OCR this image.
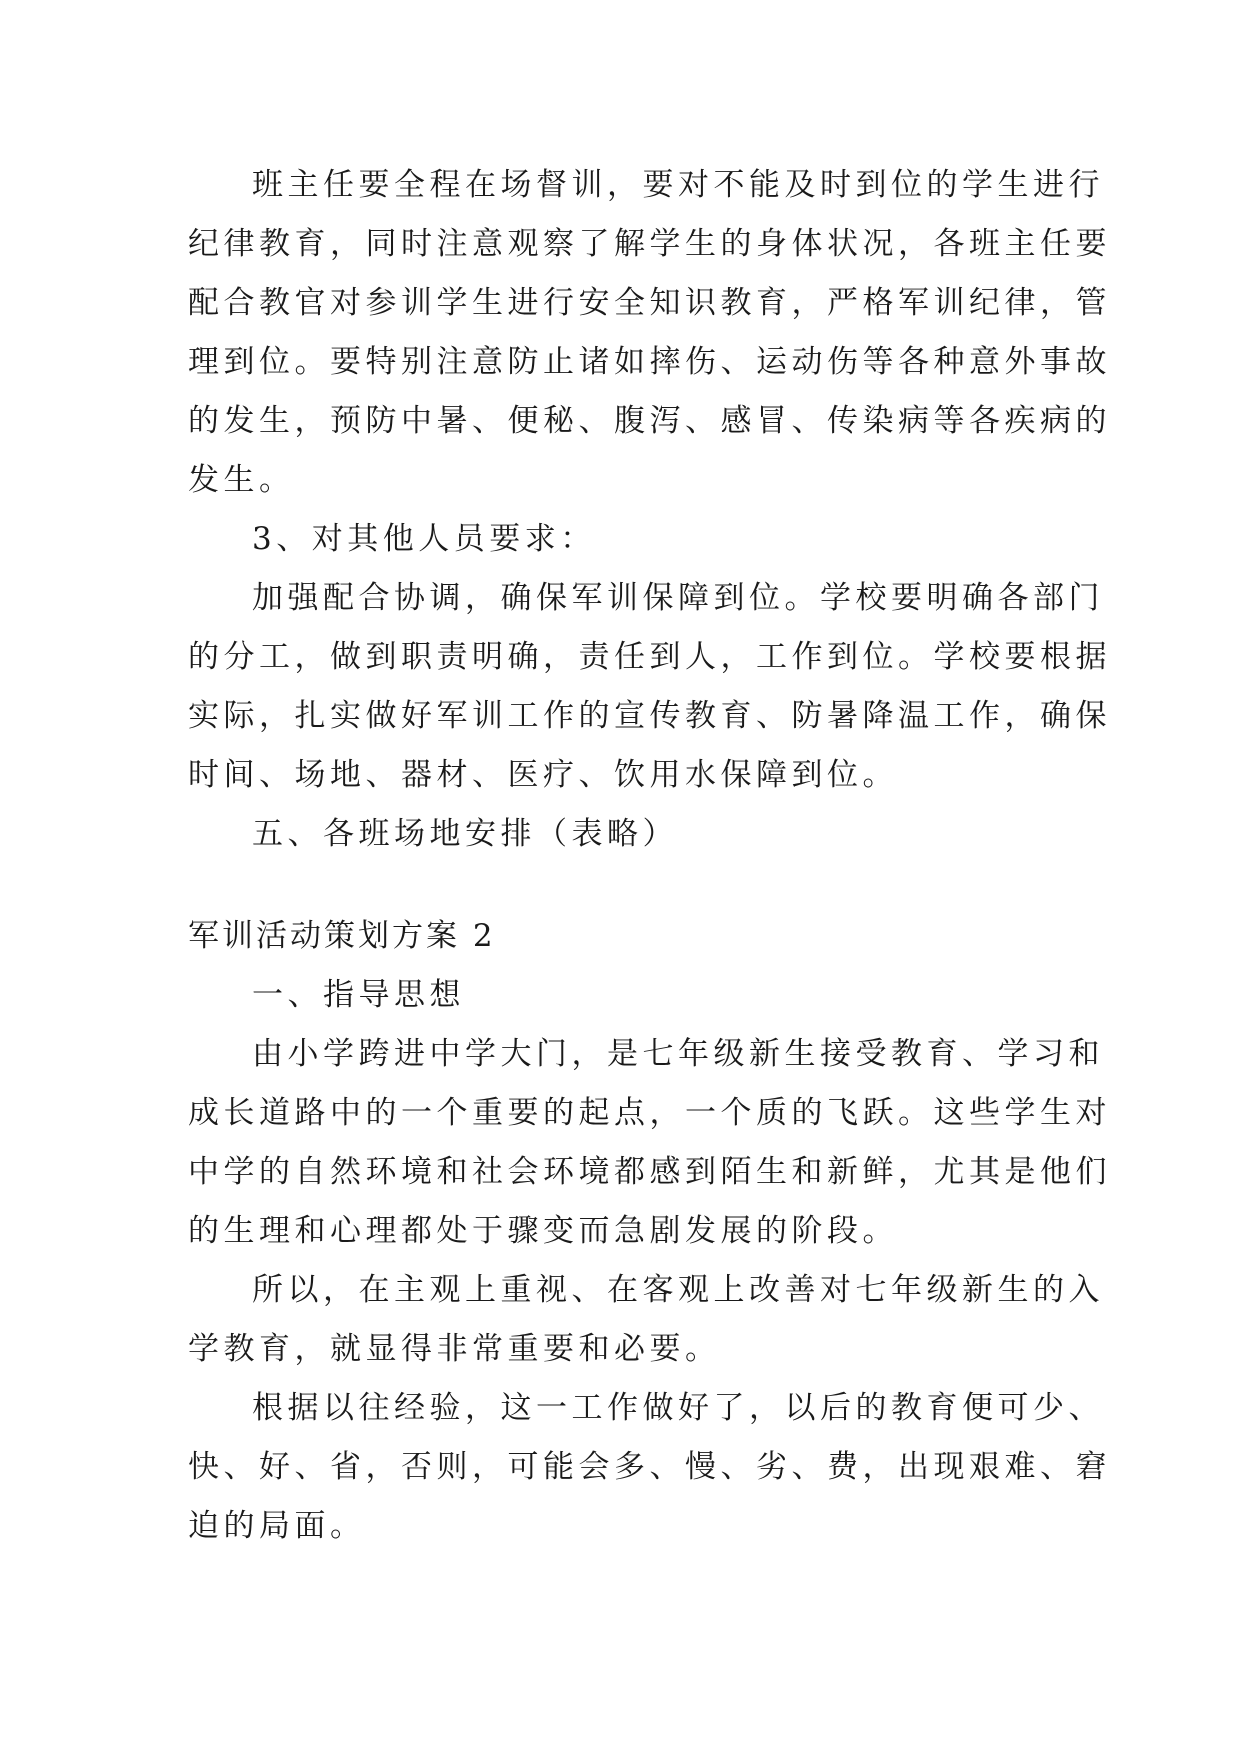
班主任要全程在场督训，要对不能及时到位的学生进行
纪律教育，同时注意观察了解学生的身体状况，各班主任要
配合教官对参训学生进行安全知识教育，严格军训纪律，管
理到位。要特别注意防止诸如摔伤、运动伤等各种意外事故
的发生，预防中暑、便秘、腹泻、感冒、传染病等各疾病的
发生。
3、对其他人员要求：
加强配合协调，确保军训保障到位。学校要明确各部门
的分工，做到职责明确，责任到人，工作到位。学校要根据
实际，扎实做好军训工作的宣传教育、防暑降温工作，确保
时间、场地、器材、医疗、饮用水保障到位。
五、各班场地安排（表略）
军训活动策划方案 2
一、指导思想
由小学跨进中学大门，是七年级新生接受教育、学习和
成长道路中的一个重要的起点，一个质的飞跃。这些学生对
中学的自然环境和社会环境都感到陌生和新鲜，尤其是他们
的生理和心理都处于骤变而急剧发展的阶段。
所以，在主观上重视、在客观上改善对七年级新生的入
学教育，就显得非常重要和必要。
根据以往经验，这一工作做好了，以后的教育便可少、
快、好、省，否则，可能会多、慢、劣、费，出现艰难、窘
迫的局面。
